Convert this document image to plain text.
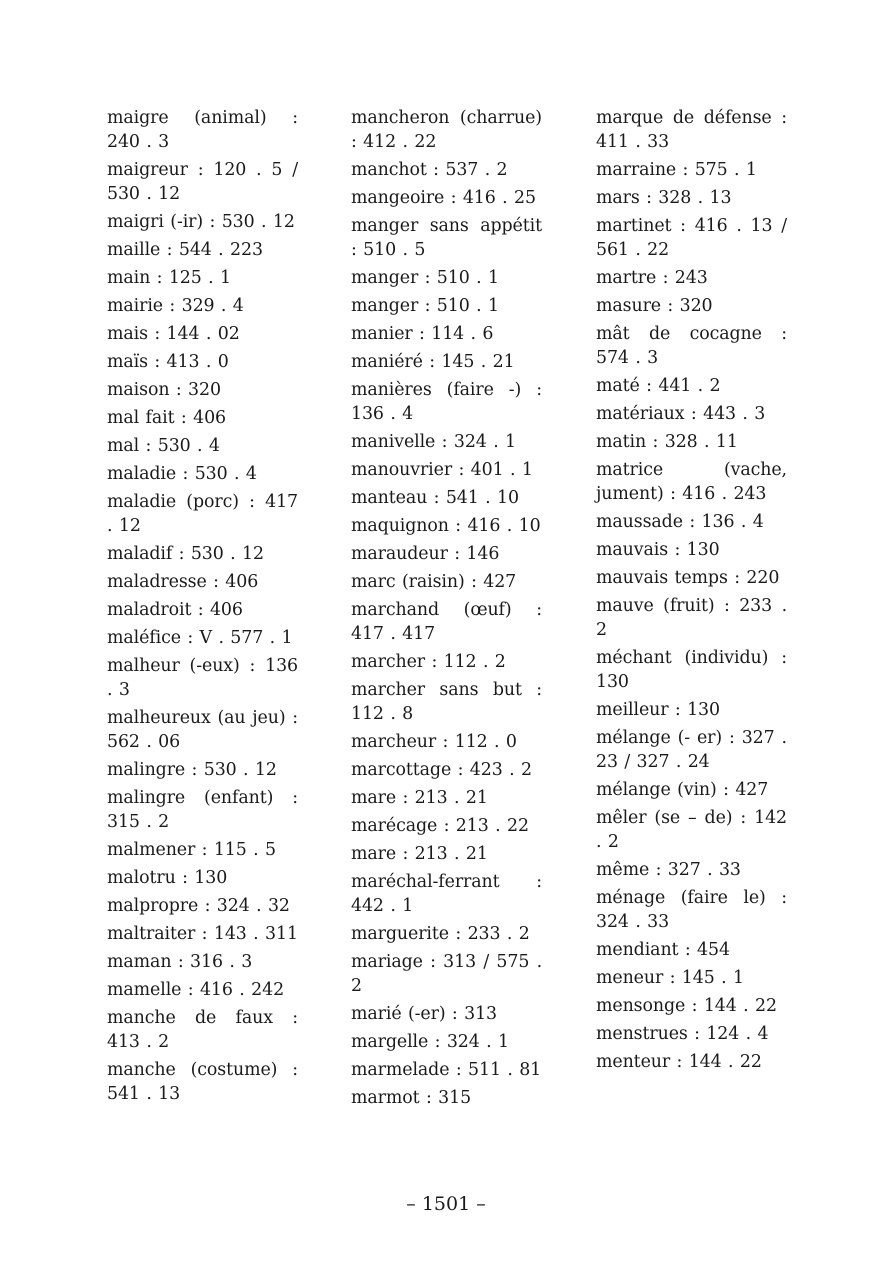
maigre (animal) : 240 . 3
maigreur : 120 . 5 / 530 . 12
maigri (-ir) : 530 . 12
maille : 544 . 223
main : 125 . 1
mairie : 329 . 4
mais : 144 . 02
maïs : 413 . 0
maison : 320
mal fait : 406
mal : 530 . 4
maladie : 530 . 4
maladie (porc) : 417 . 12
maladif : 530 . 12
maladresse : 406
maladroit : 406
maléfice : V . 577 . 1
malheur (-eux) : 136 . 3
malheureux (au jeu) : 562 . 06
malingre : 530 . 12
malingre (enfant) : 315 . 2
malmener : 115 . 5
malotru : 130
malpropre : 324 . 32
maltraiter : 143 . 311
maman : 316 . 3
mamelle : 416 . 242
manche de faux : 413 . 2
manche (costume) : 541 . 13
mancheron (charrue) : 412 . 22
manchot : 537 . 2
mangeoire : 416 . 25
manger sans appétit : 510 . 5
manger : 510 . 1
manger : 510 . 1
manier : 114 . 6
maniéré : 145 . 21
manières (faire -) : 136 . 4
manivelle : 324 . 1
manouvrier : 401 . 1
manteau : 541 . 10
maquignon : 416 . 10
maraudeur : 146
marc (raisin) : 427
marchand (œuf) : 417 . 417
marcher : 112 . 2
marcher sans but : 112 . 8
marcheur : 112 . 0
marcottage : 423 . 2
mare : 213 . 21
marécage : 213 . 22
mare : 213 . 21
maréchal-ferrant : 442 . 1
marguerite : 233 . 2
mariage : 313 / 575 . 2
marié (-er) : 313
margelle : 324 . 1
marmelade : 511 . 81
marmot : 315
marque de défense : 411 . 33
marraine : 575 . 1
mars : 328 . 13
martinet : 416 . 13 / 561 . 22
martre : 243
masure : 320
mât de cocagne : 574 . 3
maté : 441 . 2
matériaux : 443 . 3
matin : 328 . 11
matrice (vache, jument) : 416 . 243
maussade : 136 . 4
mauvais : 130
mauvais temps : 220
mauve (fruit) : 233 . 2
méchant (individu) : 130
meilleur : 130
mélange (- er) : 327 . 23 / 327 . 24
mélange (vin) : 427
mêler (se – de) : 142 . 2
même : 327 . 33
ménage (faire le) : 324 . 33
mendiant : 454
meneur : 145 . 1
mensonge : 144 . 22
menstrues : 124 . 4
menteur : 144 . 22
– 1501 –
